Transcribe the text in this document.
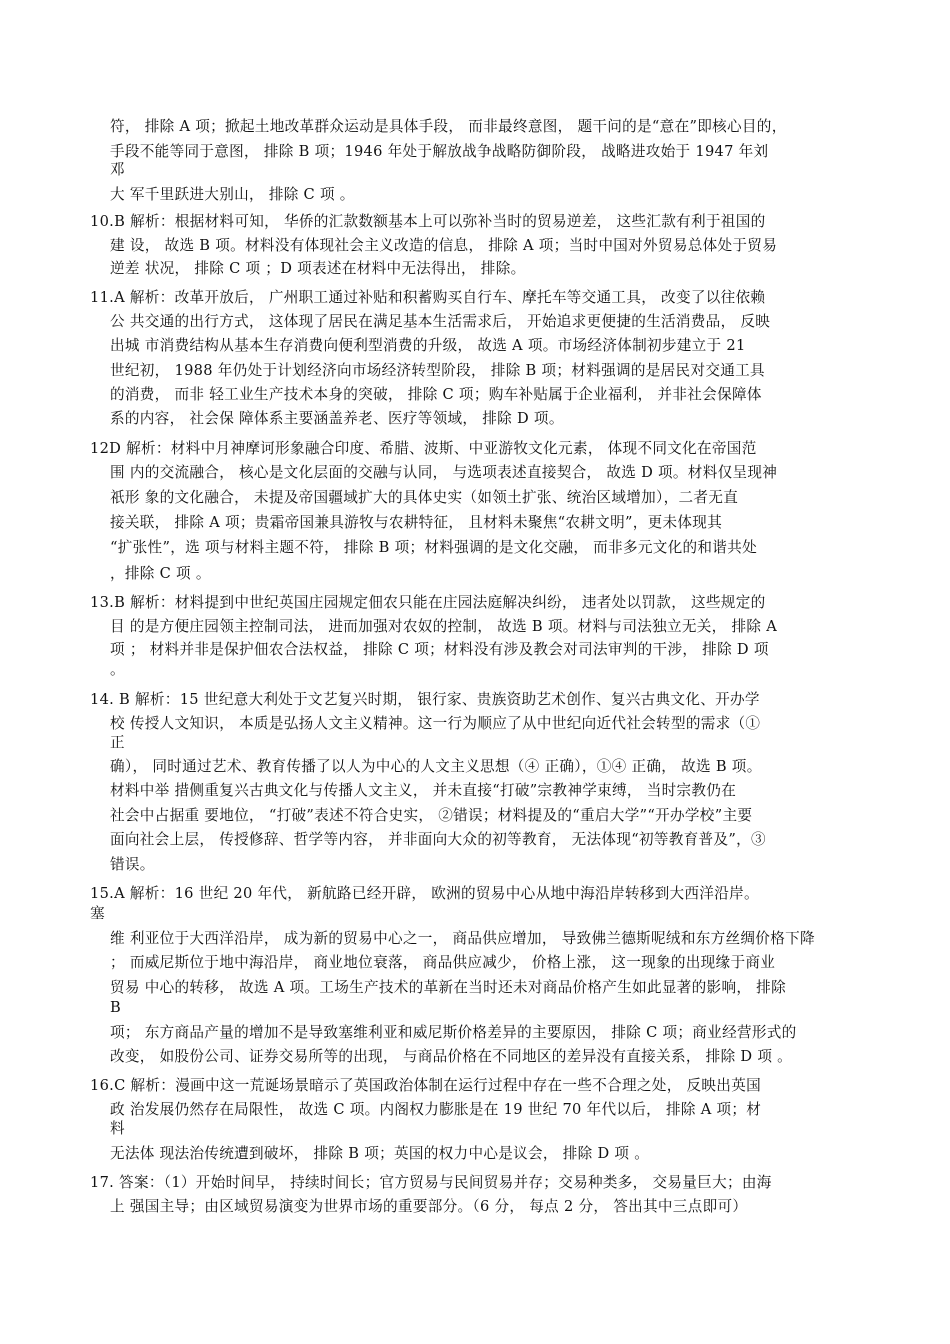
符， 排除 A 项；掀起土地改革群众运动是具体手段， 而非最终意图， 题干问的是“意在”即核心目的，
手段不能等同于意图， 排除 B 项；1946 年处于解放战争战略防御阶段， 战略进攻始于 1947 年刘
邓
大 军千里跃进大别山， 排除 C 项 。
10.B 解析：根据材料可知， 华侨的汇款数额基本上可以弥补当时的贸易逆差， 这些汇款有利于祖国的
建 设， 故选 B 项。材料没有体现社会主义改造的信息， 排除 A 项；当时中国对外贸易总体处于贸易
逆差 状况， 排除 C 项 ；D 项表述在材料中无法得出， 排除。
11.A 解析：改革开放后， 广州职工通过补贴和积蓄购买自行车、摩托车等交通工具， 改变了以往依赖
公 共交通的出行方式， 这体现了居民在满足基本生活需求后， 开始追求更便捷的生活消费品， 反映
出城 市消费结构从基本生存消费向便利型消费的升级， 故选 A 项。市场经济体制初步建立于 21
世纪初， 1988 年仍处于计划经济向市场经济转型阶段， 排除 B 项；材料强调的是居民对交通工具
的消费， 而非 轻工业生产技术本身的突破， 排除 C 项；购车补贴属于企业福利， 并非社会保障体
系的内容， 社会保 障体系主要涵盖养老、医疗等领域， 排除 D 项。
12D 解析：材料中月神摩诃形象融合印度、希腊、波斯、中亚游牧文化元素， 体现不同文化在帝国范
围 内的交流融合， 核心是文化层面的交融与认同， 与选项表述直接契合， 故选 D 项。材料仅呈现神
祇形 象的文化融合， 未提及帝国疆域扩大的具体史实（如领土扩张、统治区域增加），二者无直
接关联， 排除 A 项；贵霜帝国兼具游牧与农耕特征， 且材料未聚焦“农耕文明”，更未体现其
“扩张性”，选 项与材料主题不符， 排除 B 项；材料强调的是文化交融， 而非多元文化的和谐共处
，排除 C 项 。
13.B 解析：材料提到中世纪英国庄园规定佃农只能在庄园法庭解决纠纷， 违者处以罚款， 这些规定的
目 的是方便庄园领主控制司法， 进而加强对农奴的控制， 故选 B 项。材料与司法独立无关， 排除 A
项 ； 材料并非是保护佃农合法权益， 排除 C 项；材料没有涉及教会对司法审判的干涉， 排除 D 项
。
14. B 解析：15 世纪意大利处于文艺复兴时期， 银行家、贵族资助艺术创作、复兴古典文化、开办学
校 传授人文知识， 本质是弘扬人文主义精神。这一行为顺应了从中世纪向近代社会转型的需求（①
正
确）， 同时通过艺术、教育传播了以人为中心的人文主义思想（④ 正确），①④ 正确， 故选 B 项。
材料中举 措侧重复兴古典文化与传播人文主义， 并未直接“打破”宗教神学束缚， 当时宗教仍在
社会中占据重 要地位， “打破”表述不符合史实， ②错误；材料提及的“重启大学”“开办学校”主要
面向社会上层， 传授修辞、哲学等内容， 并非面向大众的初等教育， 无法体现“初等教育普及”，③
错误。
15.A 解析：16 世纪 20 年代， 新航路已经开辟， 欧洲的贸易中心从地中海沿岸转移到大西洋沿岸。
塞
维 利亚位于大西洋沿岸， 成为新的贸易中心之一， 商品供应增加， 导致佛兰德斯呢绒和东方丝绸价格下降
； 而威尼斯位于地中海沿岸， 商业地位衰落， 商品供应减少， 价格上涨， 这一现象的出现缘于商业
贸易 中心的转移， 故选 A 项。工场生产技术的革新在当时还未对商品价格产生如此显著的影响， 排除
B
项； 东方商品产量的增加不是导致塞维利亚和威尼斯价格差异的主要原因， 排除 C 项；商业经营形式的
改变， 如股份公司、证券交易所等的出现， 与商品价格在不同地区的差异没有直接关系， 排除 D 项 。
16.C 解析：漫画中这一荒诞场景暗示了英国政治体制在运行过程中存在一些不合理之处， 反映出英国
政 治发展仍然存在局限性， 故选 C 项。内阁权力膨胀是在 19 世纪 70 年代以后， 排除 A 项；材
料
无法体 现法治传统遭到破坏， 排除 B 项；英国的权力中心是议会， 排除 D 项 。
17. 答案：（1）开始时间早， 持续时间长；官方贸易与民间贸易并存；交易种类多， 交易量巨大；由海
上 强国主导；由区域贸易演变为世界市场的重要部分。（6 分， 每点 2 分， 答出其中三点即可）
